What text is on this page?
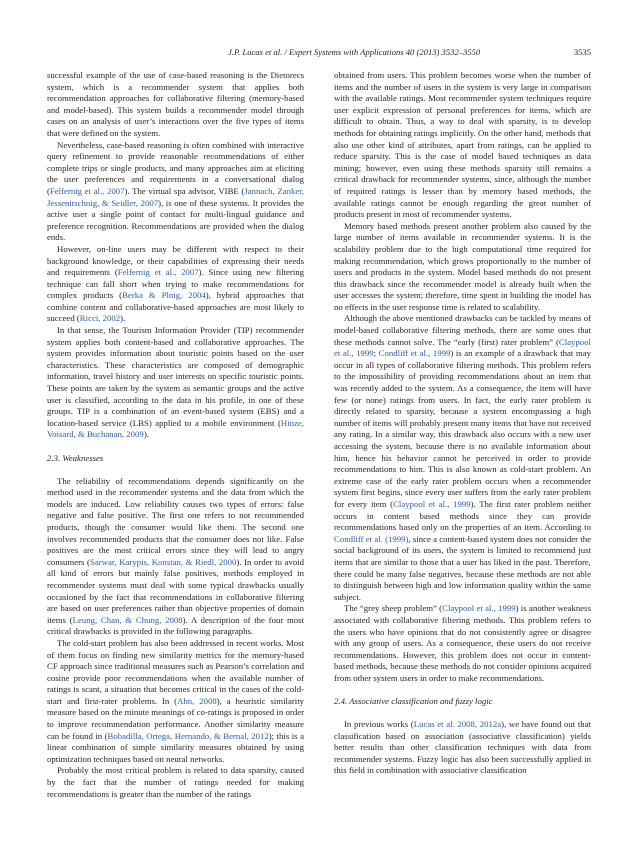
J.P. Lucas et al. / Expert Systems with Applications 40 (2013) 3532–3550	3535

successful example of the use of case-based reasoning is the Dietorecs system, which is a recommender system that applies both recommendation approaches for collaborative filtering (memory-based and model-based). This system builds a recommender model through cases on an analysis of user’s interactions over the five types of items that were defined on the system.

Nevertheless, case-based reasoning is often combined with interactive query refinement to provide reasonable recommendations of either complete trips or single products, and many approaches aim at eliciting the user preferences and requirements in a conversational dialog (Felfernig et al., 2007). The virtual spa advisor, VIBE (Jannach, Zanker, Jessenitschnig, & Seidler, 2007), is one of these systems. It provides the active user a single point of contact for multi-lingual guidance and preference recognition. Recommendations are provided when the dialog ends.

However, on-line users may be different with respect to their background knowledge, or their capabilities of expressing their needs and requirements (Felfernig et al., 2007). Since using new filtering technique can fall short when trying to make recommendations for complex products (Berka & Plnig, 2004), hybrid approaches that combine content and collaborative-based approaches are most likely to succeed (Ricci, 2002).

In that sense, the Tourism Information Provider (TIP) recommender system applies both content-based and collaborative approaches. The system provides information about touristic points based on the user characteristics. These characteristics are composed of demographic information, travel history and user interests on specific touristic points. These points are taken by the system as semantic groups and the active user is classified, according to the data in his profile, in one of these groups. TIP is a combination of an event-based system (EBS) and a location-based service (LBS) applied to a mobile environment (Hinze, Voisard, & Buchanan, 2009).

2.3. Weaknesses

The reliability of recommendations depends significantly on the method used in the recommender systems and the data from which the models are induced. Low reliability causes two types of errors: false negative and false positive. The first one refers to not recommended products, though the consumer would like them. The second one involves recommended products that the consumer does not like. False positives are the most critical errors since they will lead to angry consumers (Sarwar, Karypis, Konstan, & Riedl, 2000). In order to avoid all kind of errors but mainly false positives, methods employed in recommender systems must deal with some typical drawbacks usually occasioned by the fact that recommendations in collaborative filtering are based on user preferences rather than objective properties of domain items (Leung, Chan, & Chung, 2008). A description of the four most critical drawbacks is provided in the following paragraphs.

The cold-start problem has also been addressed in recent works. Most of them focus on finding new similarity metrics for the memory-based CF approach since traditional measures such as Pearson’s correlation and cosine provide poor recommendations when the available number of ratings is scant, a situation that becomes critical in the cases of the cold-start and first-rater problems. In (Ahn, 2008), a heuristic similarity measure based on the minute meanings of co-ratings is proposed in order to improve recommendation performance. Another similarity measure can be found in (Bobadilla, Ortega, Hernando, & Bernal, 2012); this is a linear combination of simple similarity measures obtained by using optimization techniques based on neural networks.

Probably the most critical problem is related to data sparsity, caused by the fact that the number of ratings needed for making recommendations is greater than the number of the ratings

obtained from users. This problem becomes worse when the number of items and the number of users in the system is very large in comparison with the available ratings. Most recommender system techniques require user explicit expression of personal preferences for items, which are difficult to obtain. Thus, a way to deal with sparsity, is to develop methods for obtaining ratings implicitly. On the other hand, methods that also use other kind of attributes, apart from ratings, can be applied to reduce sparsity. This is the case of model based techniques as data mining; however, even using these methods sparsity still remains a critical drawback for recommender systems, since, although the number of required ratings is lesser than by memory based methods, the available ratings cannot be enough regarding the great number of products present in most of recommender systems.

Memory based methods present another problem also caused by the large number of items available in recommender systems. It is the scalability problem due to the high computational time required for making recommendation, which grows proportionally to the number of users and products in the system. Model based methods do not present this drawback since the recommender model is already built when the user accesses the system; therefore, time spent in building the model has no effects in the user response time is related to scalability.

Although the above mentioned drawbacks can be tackled by means of model-based collaborative filtering methods, there are some ones that these methods cannot solve. The “early (first) rater problem” (Claypool et al., 1999; Condliff et al., 1999) is an example of a drawback that may occur in all types of collaborative filtering methods. This problem refers to the impossibility of providing recommendations about an item that was recently added to the system. As a consequence, the item will have few (or none) ratings from users. In fact, the early rater problem is directly related to sparsity, because a system encompassing a high number of items will probably present many items that have not received any rating. In a similar way, this drawback also occurs with a new user accessing the system, because there is no available information about him, hence his behavior cannot be perceived in order to provide recommendations to him. This is also known as cold-start problem. An extreme case of the early rater problem occurs when a recommender system first begins, since every user suffers from the early rater problem for every item (Claypool et al., 1999). The first rater problem neither occurs in content based methods since they can provide recommendations based only on the properties of an item. According to Condliff et al. (1999), since a content-based system does not consider the social background of its users, the system is limited to recommend just items that are similar to those that a user has liked in the past. Therefore, there could be many false negatives, because these methods are not able to distinguish between high and low information quality within the same subject.

The “grey sheep problem” (Claypool et al., 1999) is another weakness associated with collaborative filtering methods. This problem refers to the users who have opinions that do not consistently agree or disagree with any group of users. As a consequence, these users do not receive recommendations. However, this problem does not occur in content-based methods, because these methods do not consider opinions acquired from other system users in order to make recommendations.

2.4. Associative classification and fuzzy logic

In previous works (Lucas et al. 2008, 2012a), we have found out that classification based on association (associative classification) yields better results than other classification techniques with data from recommender systems. Fuzzy logic has also been successfully applied in this field in combination with associative classification
